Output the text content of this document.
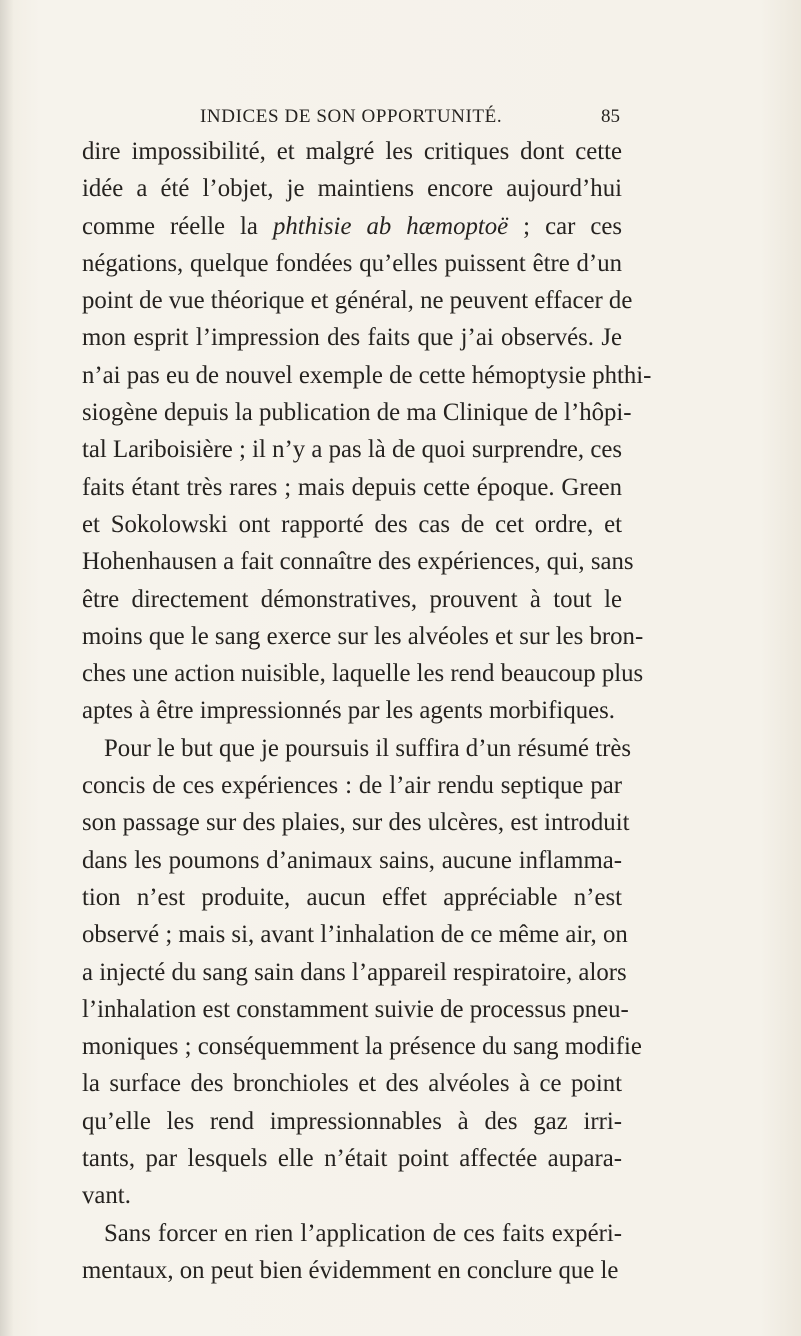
INDICES DE SON OPPORTUNITÉ.	85
dire impossibilité, et malgré les critiques dont cette
idée a été l’objet, je maintiens encore aujourd’hui
comme réelle la phthisie ab hæmoptoë ; car ces
négations, quelque fondées qu’elles puissent être d’un
point de vue théorique et général, ne peuvent effacer de
mon esprit l’impression des faits que j’ai observés. Je
n’ai pas eu de nouvel exemple de cette hémoptysie phthi-
siogène depuis la publication de ma Clinique de l’hôpi-
tal Lariboisière ; il n’y a pas là de quoi surprendre, ces
faits étant très rares ; mais depuis cette époque. Green
et Sokolowski ont rapporté des cas de cet ordre, et
Hohenhausen a fait connaître des expériences, qui, sans
être directement démonstratives, prouvent à tout le
moins que le sang exerce sur les alvéoles et sur les bron-
ches une action nuisible, laquelle les rend beaucoup plus
aptes à être impressionnés par les agents morbifiques.
Pour le but que je poursuis il suffira d’un résumé très
concis de ces expériences : de l’air rendu septique par
son passage sur des plaies, sur des ulcères, est introduit
dans les poumons d’animaux sains, aucune inflamma-
tion n’est produite, aucun effet appréciable n’est
observé ; mais si, avant l’inhalation de ce même air, on
a injecté du sang sain dans l’appareil respiratoire, alors
l’inhalation est constamment suivie de processus pneu-
moniques ; conséquemment la présence du sang modifie
la surface des bronchioles et des alvéoles à ce point
qu’elle les rend impressionnables à des gaz irri-
tants, par lesquels elle n’était point affectée aupara-
vant.
Sans forcer en rien l’application de ces faits expéri-
mentaux, on peut bien évidemment en conclure que le
